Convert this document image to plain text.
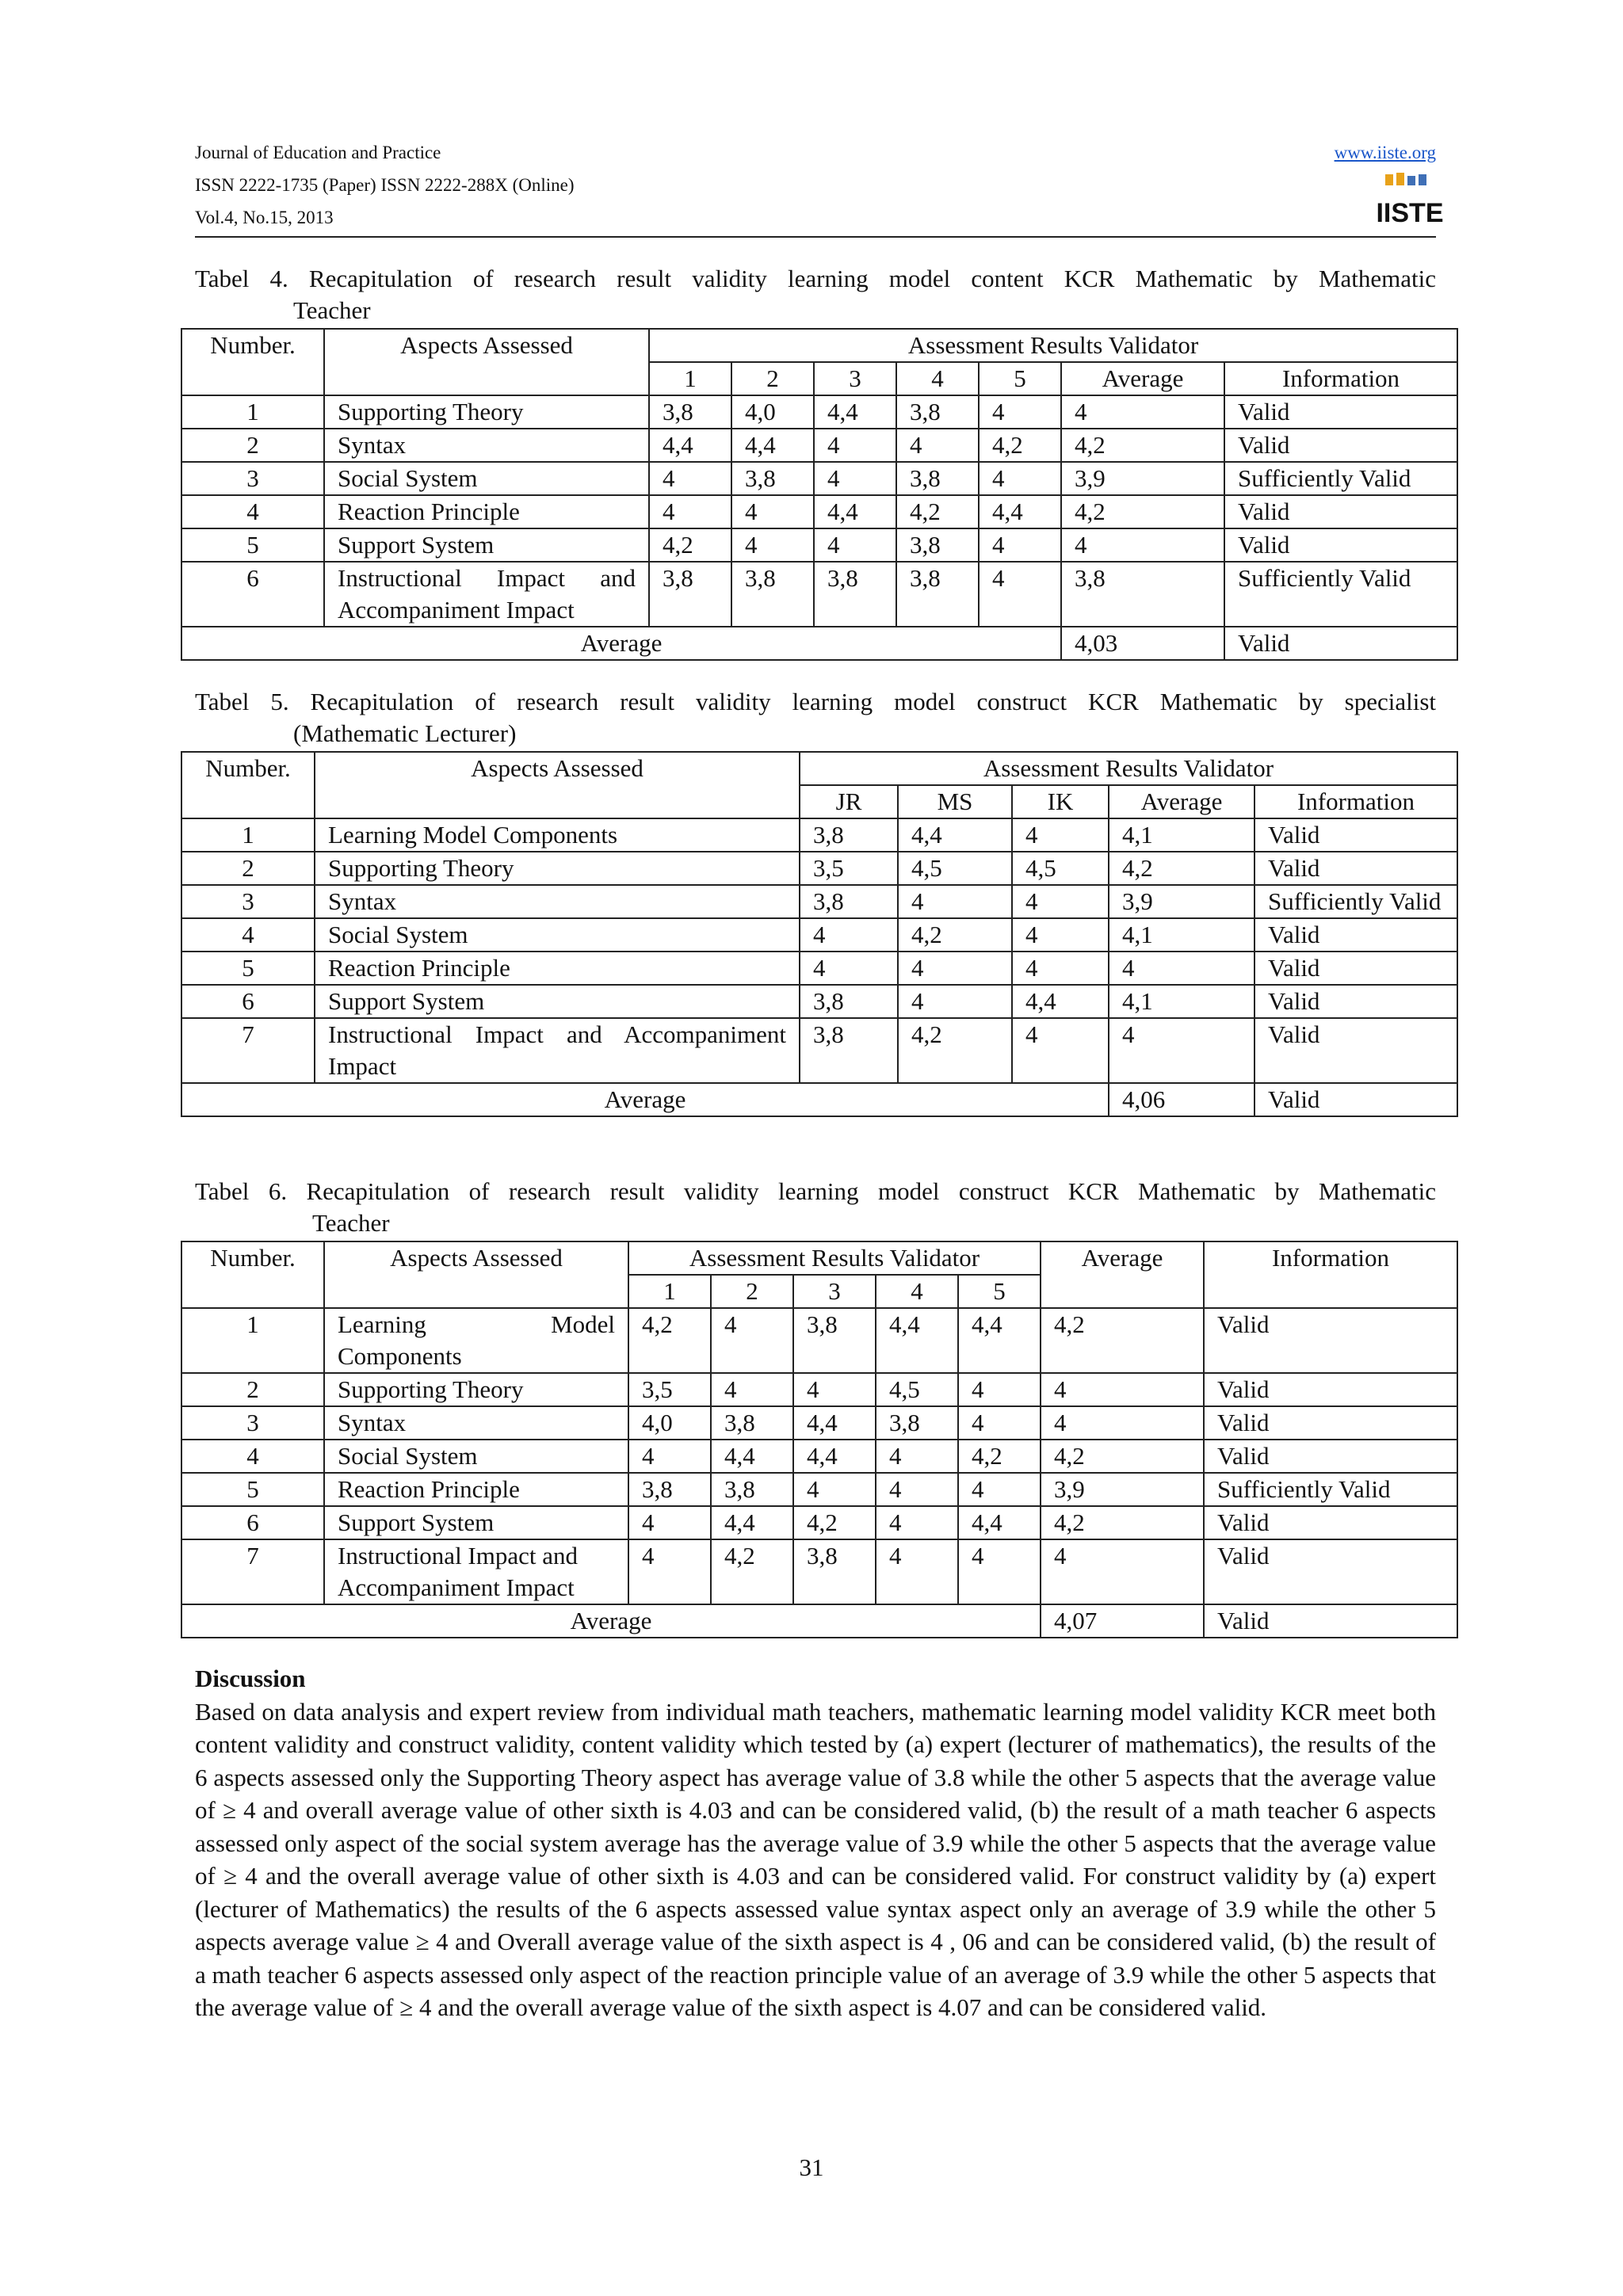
Journal of Education and Practice
ISSN 2222-1735 (Paper) ISSN 2222-288X (Online)
Vol.4, No.15, 2013
www.iiste.org
IISTE
Tabel 4. Recapitulation of research result validity learning model content KCR Mathematic by Mathematic
Teacher
Number.	Aspects Assessed	Assessment Results Validator						
		1	2	3	4	5	Average	Information
1	Supporting Theory	3,8	4,0	4,4	3,8	4	4	Valid
2	Syntax	4,4	4,4	4	4	4,2	4,2	Valid
3	Social System	4	3,8	4	3,8	4	3,9	Sufficiently Valid
4	Reaction Principle	4	4	4,4	4,2	4,4	4,2	Valid
5	Support System	4,2	4	4	3,8	4	4	Valid
6	Instructional Impact and Accompaniment Impact	3,8	3,8	3,8	3,8	4	3,8	Sufficiently Valid
Average							4,03	Valid
Tabel 5. Recapitulation of research result validity learning model construct KCR Mathematic by specialist
(Mathematic Lecturer)
Number.	Aspects Assessed	Assessment Results Validator				
		JR	MS	IK	Average	Information
1	Learning Model Components	3,8	4,4	4	4,1	Valid
2	Supporting Theory	3,5	4,5	4,5	4,2	Valid
3	Syntax	3,8	4	4	3,9	Sufficiently Valid
4	Social System	4	4,2	4	4,1	Valid
5	Reaction Principle	4	4	4	4	Valid
6	Support System	3,8	4	4,4	4,1	Valid
7	Instructional Impact and Accompaniment Impact	3,8	4,2	4	4	Valid
Average					4,06	Valid
Tabel 6. Recapitulation of research result validity learning model construct KCR Mathematic by Mathematic
Teacher
Number.	Aspects Assessed	Assessment Results Validator					Average	Information
		1	2	3	4	5		
1	Learning Model Components	4,2	4	3,8	4,4	4,4	4,2	Valid
2	Supporting Theory	3,5	4	4	4,5	4	4	Valid
3	Syntax	4,0	3,8	4,4	3,8	4	4	Valid
4	Social System	4	4,4	4,4	4	4,2	4,2	Valid
5	Reaction Principle	3,8	3,8	4	4	4	3,9	Sufficiently Valid
6	Support System	4	4,4	4,2	4	4,4	4,2	Valid
7	Instructional Impact and Accompaniment Impact	4	4,2	3,8	4	4	4	Valid
Average							4,07	Valid
Discussion

Based on data analysis and expert review from individual math teachers, mathematic learning model validity KCR meet both content validity and construct validity, content validity which tested by (a) expert (lecturer of mathematics), the results of the 6 aspects assessed only the Supporting Theory aspect has average value of 3.8 while the other 5 aspects that the average value of ≥ 4 and overall average value of other sixth is 4.03 and can be considered valid, (b) the result of a math teacher 6 aspects assessed only aspect of the social system average has the average value of 3.9 while the other 5 aspects that the average value of ≥ 4 and the overall average value of other sixth is 4.03 and can be considered valid. For construct validity by (a) expert (lecturer of Mathematics) the results of the 6 aspects assessed value syntax aspect only an average of 3.9 while the other 5 aspects average value ≥ 4 and Overall average value of the sixth aspect is 4 , 06 and can be considered valid, (b) the result of a math teacher 6 aspects assessed only aspect of the reaction principle value of an average of 3.9 while the other 5 aspects that the average value of ≥ 4 and the overall average value of the sixth aspect is 4.07 and can be considered valid.

31
